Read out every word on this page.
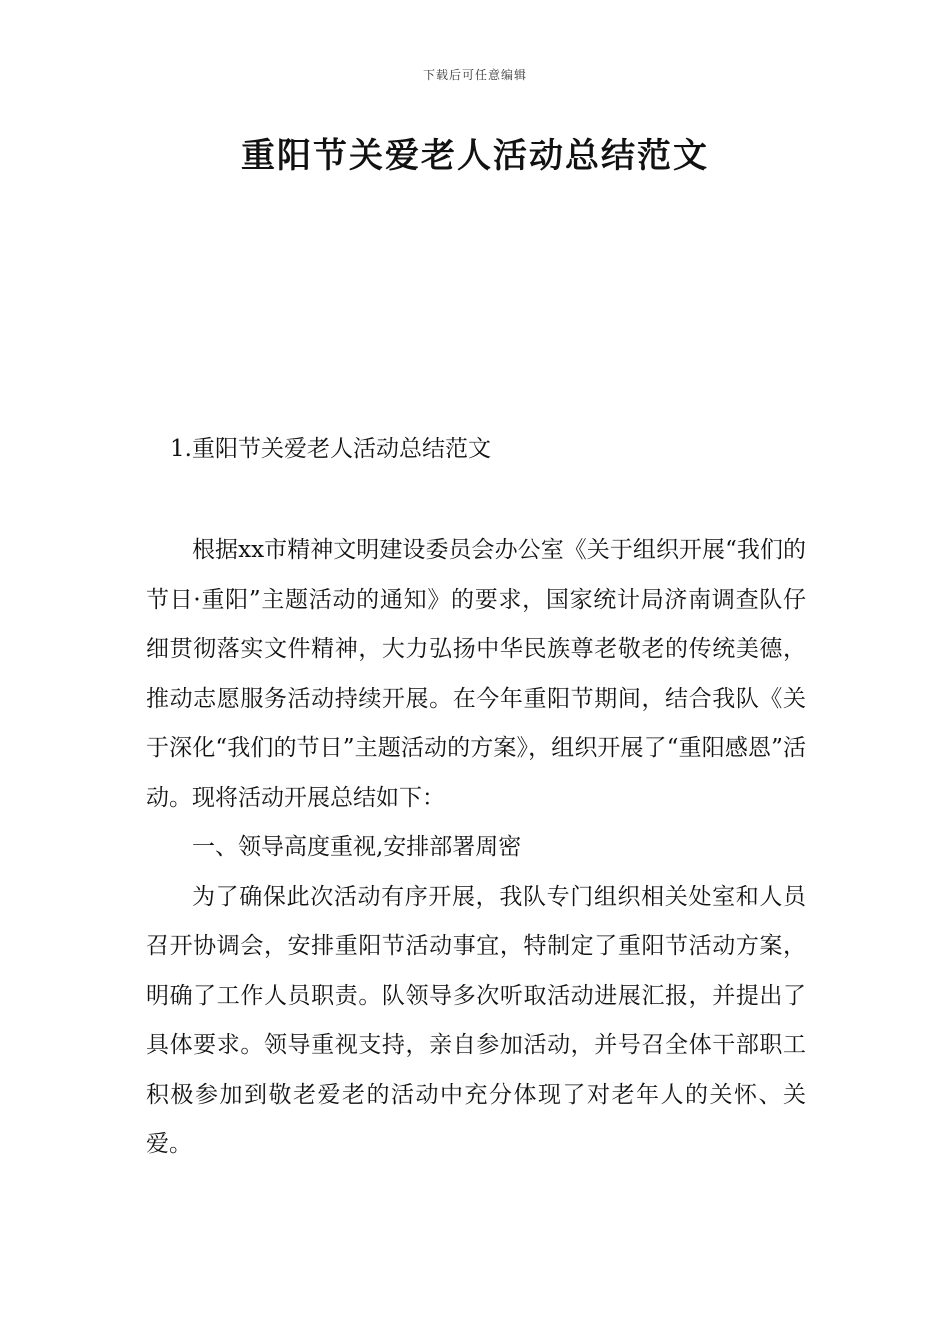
下载后可任意编辑
重阳节关爱老人活动总结范文
1.重阳节关爱老人活动总结范文

根据xx市精神文明建设委员会办公室《关于组织开展“我们的节日·重阳”主题活动的通知》的要求，国家统计局济南调查队仔细贯彻落实文件精神，大力弘扬中华民族尊老敬老的传统美德，推动志愿服务活动持续开展。在今年重阳节期间，结合我队《关于深化“我们的节日”主题活动的方案》，组织开展了“重阳感恩”活动。现将活动开展总结如下：

一、领导高度重视,安排部署周密

为了确保此次活动有序开展，我队专门组织相关处室和人员召开协调会，安排重阳节活动事宜，特制定了重阳节活动方案，明确了工作人员职责。队领导多次听取活动进展汇报，并提出了具体要求。领导重视支持，亲自参加活动，并号召全体干部职工积极参加到敬老爱老的活动中充分体现了对老年人的关怀、关爱。
